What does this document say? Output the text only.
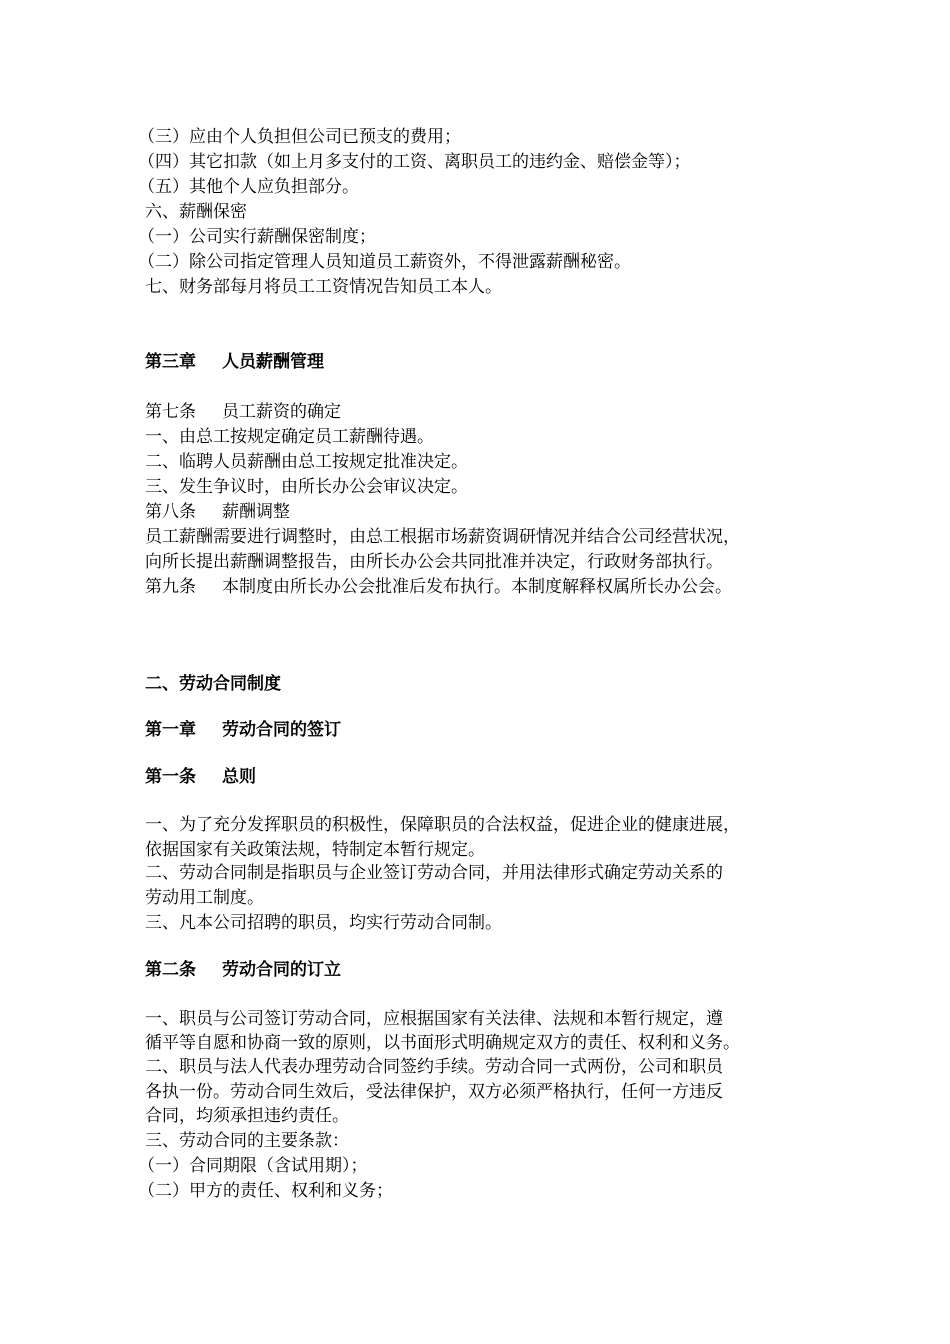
（三）应由个人负担但公司已预支的费用；

（四）其它扣款（如上月多支付的工资、离职员工的违约金、赔偿金等）；

（五）其他个人应负担部分。

六、薪酬保密

（一）公司实行薪酬保密制度；

（二）除公司指定管理人员知道员工薪资外，不得泄露薪酬秘密。

七、财务部每月将员工工资情况告知员工本人。

第三章 人员薪酬管理

第七条 员工薪资的确定

一、由总工按规定确定员工薪酬待遇。

二、临聘人员薪酬由总工按规定批准决定。

三、发生争议时，由所长办公会审议决定。

第八条 薪酬调整

员工薪酬需要进行调整时，由总工根据市场薪资调研情况并结合公司经营状况，

向所长提出薪酬调整报告，由所长办公会共同批准并决定，行政财务部执行。

第九条 本制度由所长办公会批准后发布执行。本制度解释权属所长办公会。

二、劳动合同制度

第一章 劳动合同的签订

第一条 总则

一、为了充分发挥职员的积极性，保障职员的合法权益，促进企业的健康进展，

依据国家有关政策法规，特制定本暂行规定。

二、劳动合同制是指职员与企业签订劳动合同，并用法律形式确定劳动关系的

劳动用工制度。

三、凡本公司招聘的职员，均实行劳动合同制。

第二条 劳动合同的订立

一、职员与公司签订劳动合同，应根据国家有关法律、法规和本暂行规定，遵

循平等自愿和协商一致的原则，以书面形式明确规定双方的责任、权利和义务。

二、职员与法人代表办理劳动合同签约手续。劳动合同一式两份，公司和职员

各执一份。劳动合同生效后，受法律保护，双方必须严格执行，任何一方违反

合同，均须承担违约责任。

三、劳动合同的主要条款：

（一）合同期限（含试用期）；

（二）甲方的责任、权利和义务；
